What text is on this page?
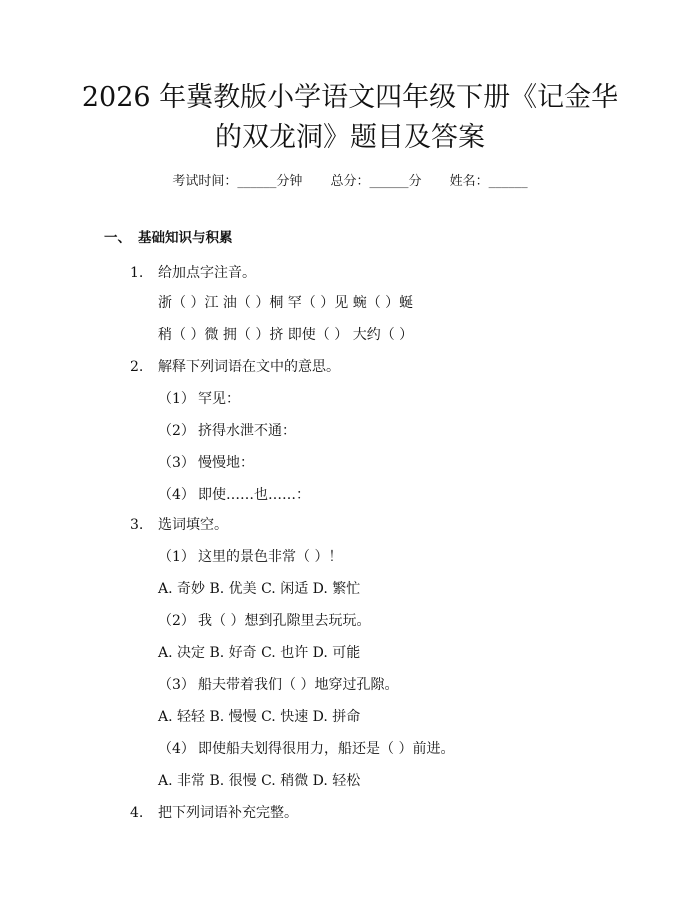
2026 年冀教版小学语文四年级下册《记金华
的双龙洞》题目及答案
考试时间：______分钟 总分：______分 姓名：______
一、 基础知识与积累
1. 给加点字注音。
浙（ ）江 油（ ）桐 罕（ ）见 蜿（ ）蜒
稍（ ）微 拥（ ）挤 即使（ ） 大约（ ）
2. 解释下列词语在文中的意思。
（1） 罕见：
（2） 挤得水泄不通：
（3） 慢慢地：
（4） 即使……也……：
3. 选词填空。
（1） 这里的景色非常（ ）！
A. 奇妙 B. 优美 C. 闲适 D. 繁忙
（2） 我（ ）想到孔隙里去玩玩。
A. 决定 B. 好奇 C. 也许 D. 可能
（3） 船夫带着我们（ ）地穿过孔隙。
A. 轻轻 B. 慢慢 C. 快速 D. 拼命
（4） 即使船夫划得很用力，船还是（ ）前进。
A. 非常 B. 很慢 C. 稍微 D. 轻松
4. 把下列词语补充完整。
